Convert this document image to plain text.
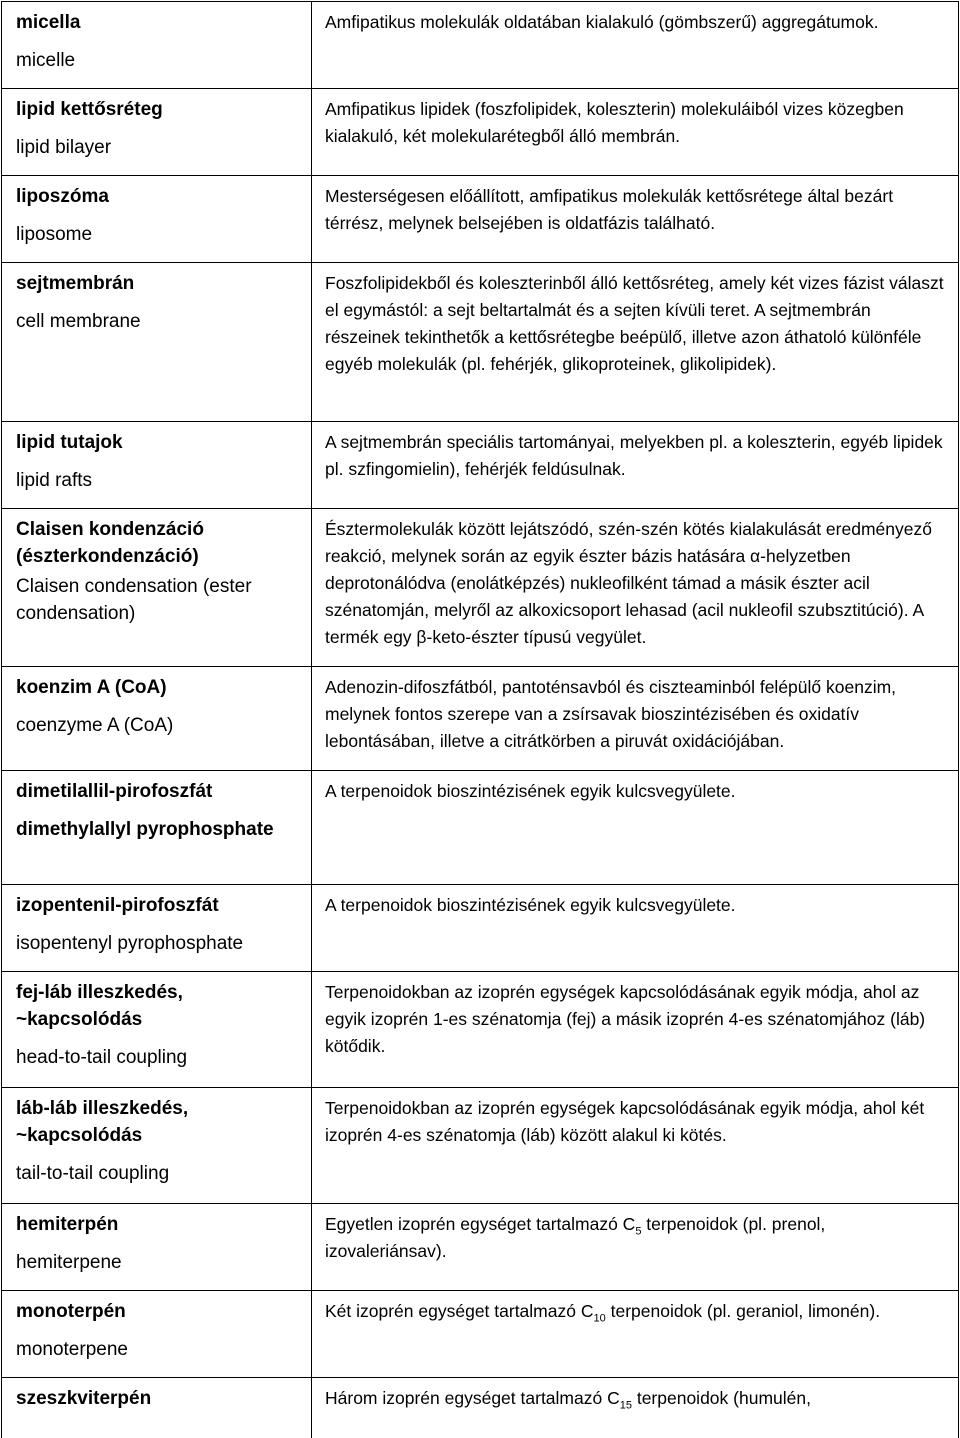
micella
micelle	Amfipatikus molekulák oldatában kialakuló (gömbszerű) aggregátumok.

lipid kettősréteg
lipid bilayer	Amfipatikus lipidek (foszfolipidek, koleszterin) molekuláiból vizes közegben kialakuló, két molekularétegből álló membrán.

liposzóma
liposome	Mesterségesen előállított, amfipatikus molekulák kettősrétege által bezárt térrész, melynek belsejében is oldatfázis található.

sejtmembrán
cell membrane	Foszfolipidekből és koleszterinből álló kettősréteg, amely két vizes fázist választ el egymástól: a sejt beltartalmát és a sejten kívüli teret. A sejtmembrán részeinek tekinthetők a kettősrétegbe beépülő, illetve azon áthatoló különféle egyéb molekulák (pl. fehérjék, glikoproteinek, glikolipidek).

lipid tutajok
lipid rafts	A sejtmembrán speciális tartományai, melyekben pl. a koleszterin, egyéb lipidek pl. szfingomielin), fehérjék feldúsulnak.

Claisen kondenzáció (észterkondenzáció)
Claisen condensation (ester condensation)	Észtermolekulák között lejátszódó, szén-szén kötés kialakulását eredményező reakció, melynek során az egyik észter bázis hatására α-helyzetben deprotonálódva (enolátképzés) nukleofilként támad a másik észter acil szénatomján, melyről az alkoxicsoport lehasad (acil nukleofil szubsztitúció). A termék egy β-keto-észter típusú vegyület.

koenzim A (CoA)
coenzyme A (CoA)	Adenozin-difoszfátból, pantoténsavból és ciszteaminból felépülő koenzim, melynek fontos szerepe van a zsírsavak bioszintézisében és oxidatív lebontásában, illetve a citrátkörben a piruvát oxidációjában.

dimetilallil-pirofoszfát
dimethylallyl pyrophosphate	A terpenoidok bioszintézisének egyik kulcsvegyülete.

izopentenil-pirofoszfát
isopentenyl pyrophosphate	A terpenoidok bioszintézisének egyik kulcsvegyülete.

fej-láb illeszkedés, ~kapcsolódás
head-to-tail coupling	Terpenoidokban az izoprén egységek kapcsolódásának egyik módja, ahol az egyik izoprén 1-es szénatomja (fej) a másik izoprén 4-es szénatomjához (láb) kötődik.

láb-láb illeszkedés, ~kapcsolódás
tail-to-tail coupling	Terpenoidokban az izoprén egységek kapcsolódásának egyik módja, ahol két izoprén 4-es szénatomja (láb) között alakul ki kötés.

hemiterpén
hemiterpene	Egyetlen izoprén egységet tartalmazó $C_5$ terpenoidok (pl. prenol, izovaleriánsav).

monoterpén
monoterpene	Két izoprén egységet tartalmazó $C_{10}$ terpenoidok (pl. geraniol, limonén).

szeszkviterpén	Három izoprén egységet tartalmazó $C_{15}$ terpenoidok (humulén,
